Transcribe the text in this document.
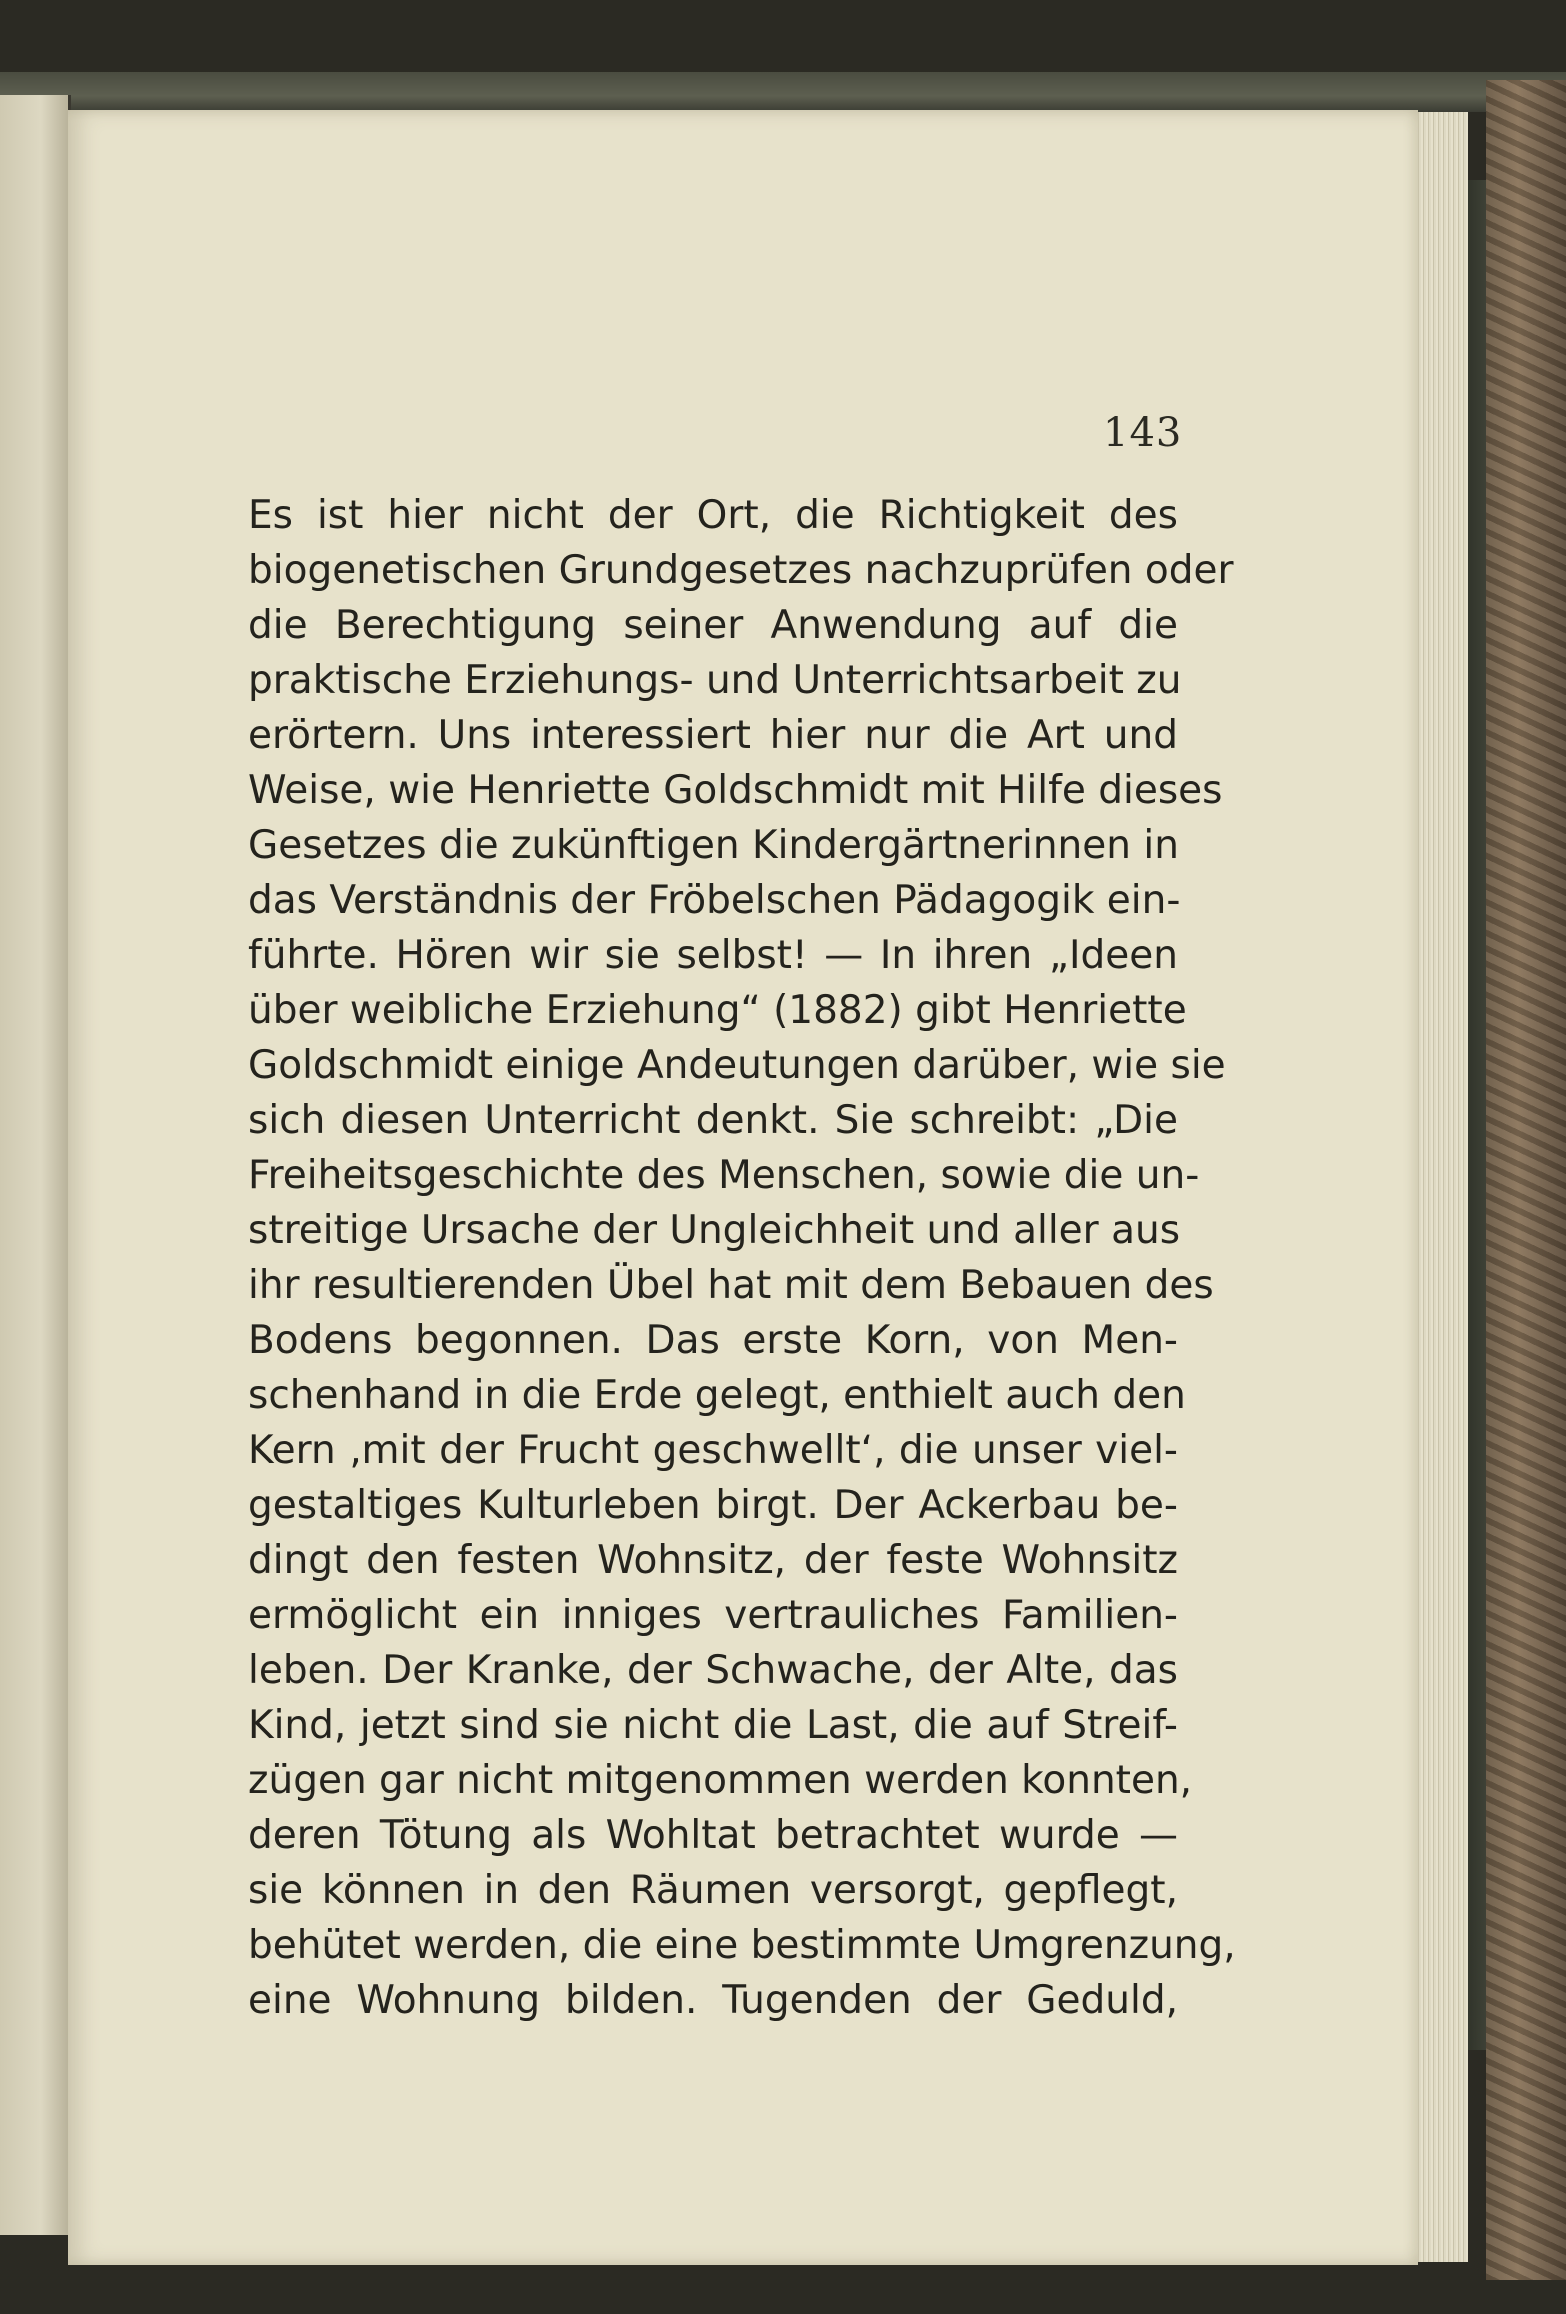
143
Es ist hier nicht der Ort, die Richtigkeit des
biogenetischen Grundgesetzes nachzuprüfen oder
die Berechtigung seiner Anwendung auf die
praktische Erziehungs- und Unterrichtsarbeit zu
erörtern. Uns interessiert hier nur die Art und
Weise, wie Henriette Goldschmidt mit Hilfe dieses
Gesetzes die zukünftigen Kindergärtnerinnen in
das Verständnis der Fröbelschen Pädagogik ein-
führte. Hören wir sie selbst! — In ihren „Ideen
über weibliche Erziehung“ (1882) gibt Henriette
Goldschmidt einige Andeutungen darüber, wie sie
sich diesen Unterricht denkt. Sie schreibt: „Die
Freiheitsgeschichte des Menschen, sowie die un-
streitige Ursache der Ungleichheit und aller aus
ihr resultierenden Übel hat mit dem Bebauen des
Bodens begonnen. Das erste Korn, von Men-
schenhand in die Erde gelegt, enthielt auch den
Kern ‚mit der Frucht geschwellt‘, die unser viel-
gestaltiges Kulturleben birgt. Der Ackerbau be-
dingt den festen Wohnsitz, der feste Wohnsitz
ermöglicht ein inniges vertrauliches Familien-
leben. Der Kranke, der Schwache, der Alte, das
Kind, jetzt sind sie nicht die Last, die auf Streif-
zügen gar nicht mitgenommen werden konnten,
deren Tötung als Wohltat betrachtet wurde —
sie können in den Räumen versorgt, gepflegt,
behütet werden, die eine bestimmte Umgrenzung,
eine Wohnung bilden. Tugenden der Geduld,
